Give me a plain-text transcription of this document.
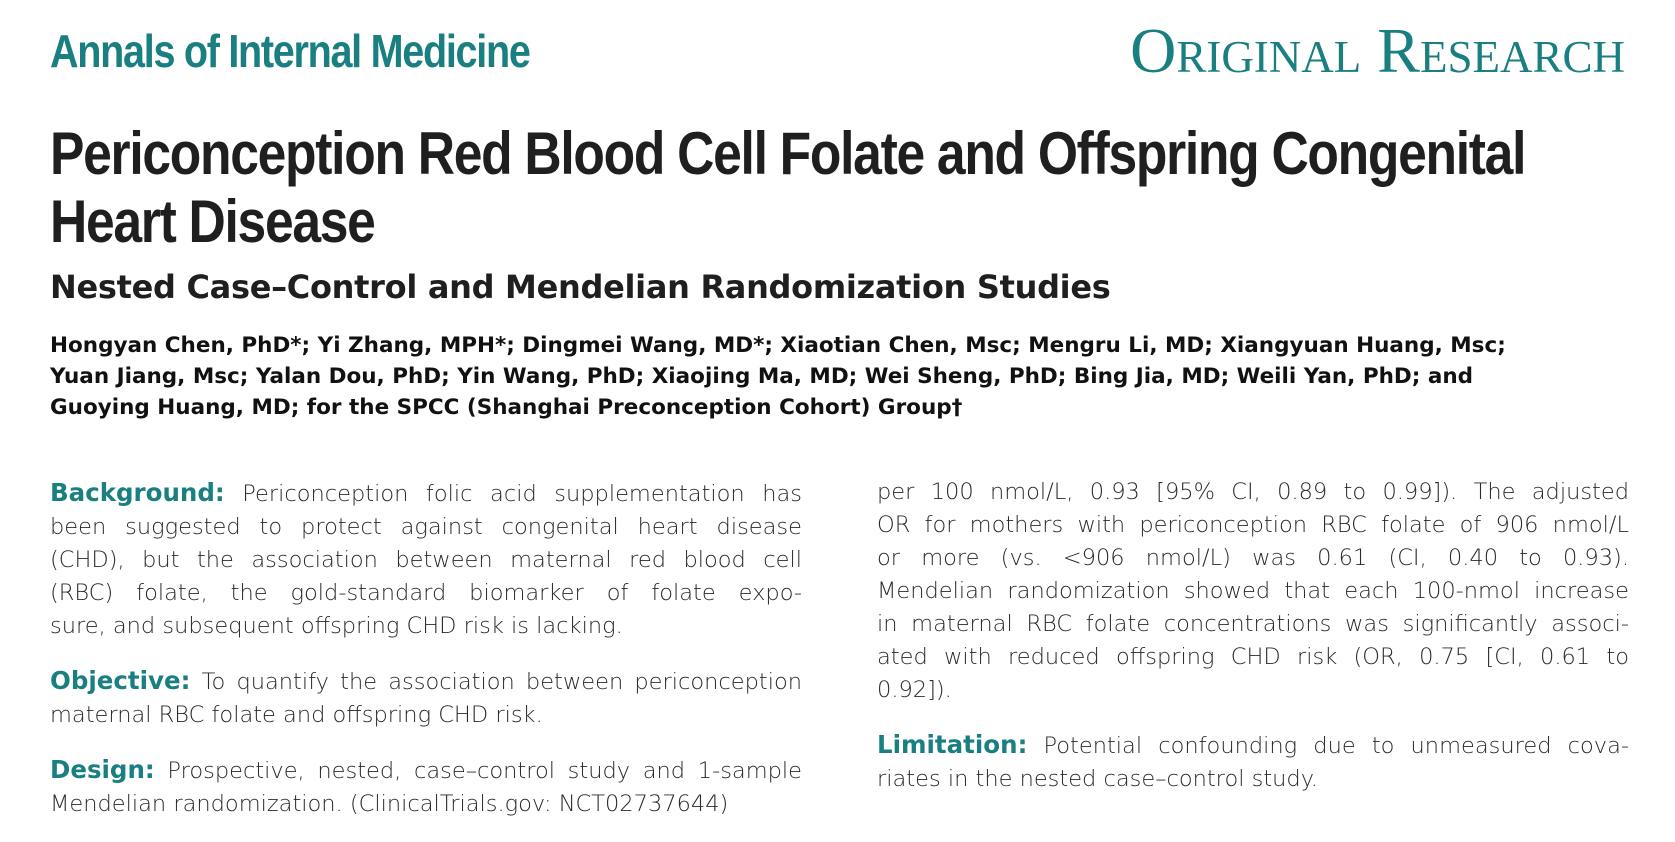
Annals of Internal Medicine	Original Research
Periconception Red Blood Cell Folate and Offspring Congenital
Heart Disease
Nested Case–Control and Mendelian Randomization Studies

Hongyan Chen, PhD*; Yi Zhang, MPH*; Dingmei Wang, MD*; Xiaotian Chen, Msc; Mengru Li, MD; Xiangyuan Huang, Msc;
Yuan Jiang, Msc; Yalan Dou, PhD; Yin Wang, PhD; Xiaojing Ma, MD; Wei Sheng, PhD; Bing Jia, MD; Weili Yan, PhD; and
Guoying Huang, MD; for the SPCC (Shanghai Preconception Cohort) Group†

Background: Periconception folic acid supplementation has
been suggested to protect against congenital heart disease
(CHD), but the association between maternal red blood cell
(RBC) folate, the gold-standard biomarker of folate expo-
sure, and subsequent offspring CHD risk is lacking.
Objective: To quantify the association between periconception
maternal RBC folate and offspring CHD risk.
Design: Prospective, nested, case–control study and 1-sample
Mendelian randomization. (ClinicalTrials.gov: NCT02737644)
per 100 nmol/L, 0.93 [95% CI, 0.89 to 0.99]). The adjusted
OR for mothers with periconception RBC folate of 906 nmol/L
or more (vs. <906 nmol/L) was 0.61 (CI, 0.40 to 0.93).
Mendelian randomization showed that each 100-nmol increase
in maternal RBC folate concentrations was significantly associ-
ated with reduced offspring CHD risk (OR, 0.75 [CI, 0.61 to
0.92]).
Limitation: Potential confounding due to unmeasured cova-
riates in the nested case–control study.
